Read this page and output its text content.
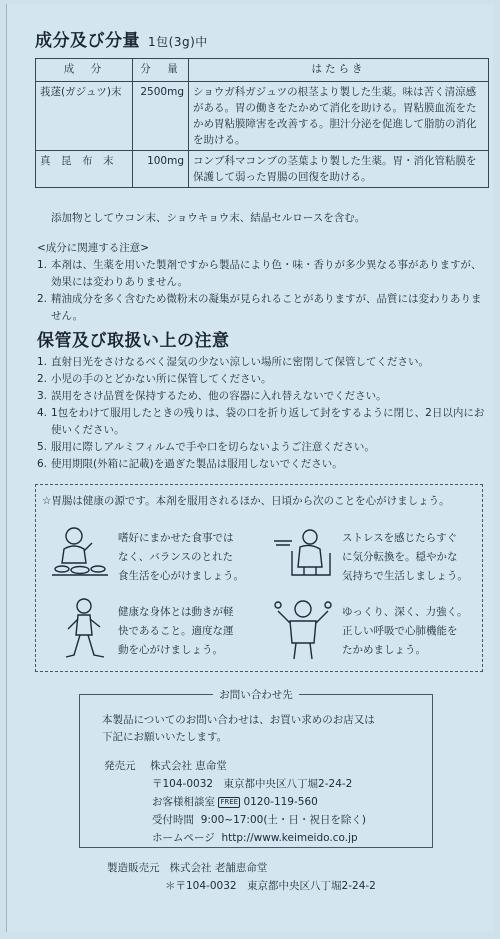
成分及び分量 1包(3g)中
成　分	分　量	はたらき
莪蒁(ガジュツ)末	2500mg	ショウガ科ガジュツの根茎より製した生薬。味は苦く清涼感がある。胃の働きをたかめて消化を助ける。胃粘膜血流をたかめ胃粘膜障害を改善する。胆汁分泌を促進して脂肪の消化を助ける。
真　昆　布　末	100mg	コンブ科マコンブの茎葉より製した生薬。胃・消化管粘膜を保護して弱った胃腸の回復を助ける。
添加物としてウコン末、ショウキョウ末、結晶セルロースを含む。
<成分に関連する注意>
1. 本剤は、生薬を用いた製剤ですから製品により色・味・香りが多少異なる事がありますが、効果には変わりありません。
2. 精油成分を多く含むため微粉末の凝集が見られることがありますが、品質には変わりありません。
保管及び取扱い上の注意
1. 直射日光をさけなるべく湿気の少ない涼しい場所に密閉して保管してください。
2. 小児の手のとどかない所に保管してください。
3. 誤用をさけ品質を保持するため、他の容器に入れ替えないでください。
4. 1包をわけて服用したときの残りは、袋の口を折り返して封をするように閉じ、2日以内にお使いください。
5. 服用に際しアルミフィルムで手や口を切らないようご注意ください。
6. 使用期限(外箱に記載)を過ぎた製品は服用しないでください。
☆胃腸は健康の源です。本剤を服用されるほか、日頃から次のことを心がけましょう。
嗜好にまかせた食事では
なく、バランスのとれた
食生活を心がけましょう。
ストレスを感じたらすぐ
に気分転換を。穏やかな
気持ちで生活しましょう。
健康な身体とは動きが軽
快であること。適度な運
動を心がけましょう。
ゆっくり、深く、力強く。
正しい呼吸で心肺機能を
たかめましょう。
お問い合わせ先
本製品についてのお問い合わせは、お買い求めのお店又は
下記にお願いいたします。
発売元 株式会社 恵命堂
〒104-0032　東京都中央区八丁堀2-24-2
お客様相談室 FREE 0120-119-560
受付時間 9:00~17:00(土・日・祝日を除く)
ホームページ http://www.keimeido.co.jp
製造販売元 株式会社 老舗恵命堂
＊〒104-0032　東京都中央区八丁堀2-24-2
